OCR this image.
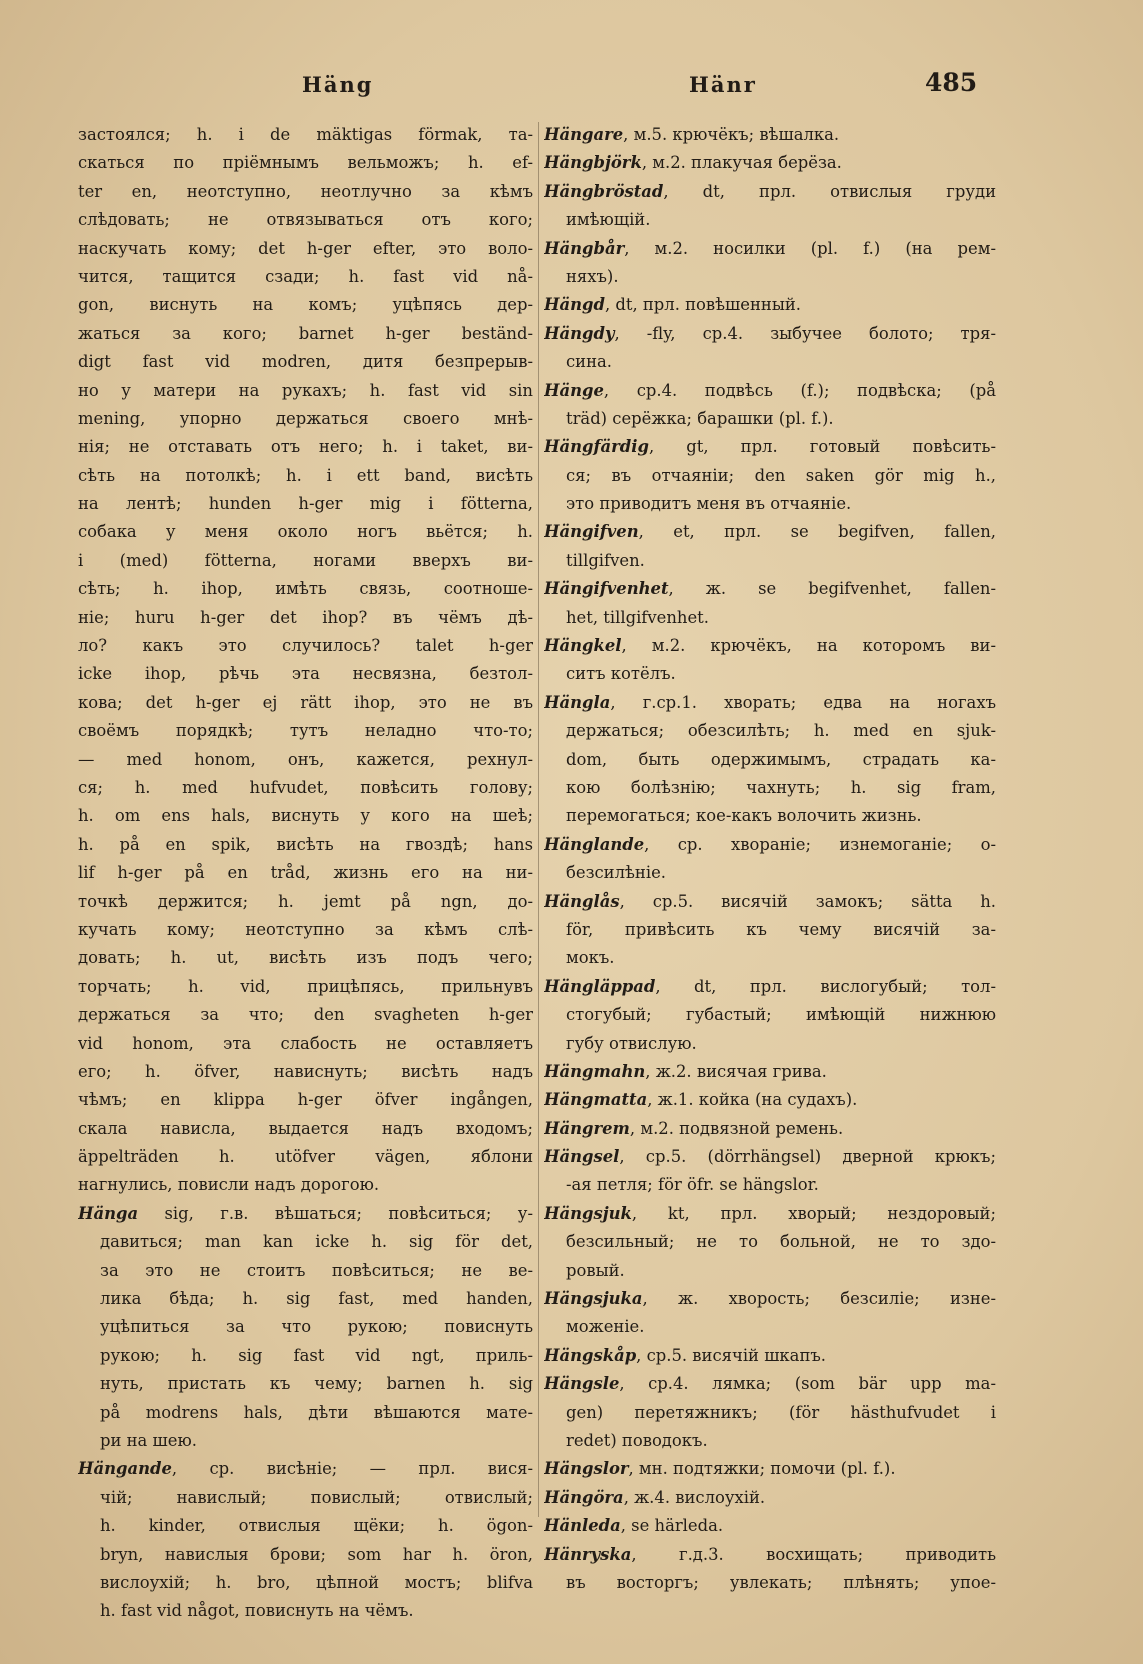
Häng	Hänr	485
застоялся; h. i de mäktigas förmak, та-
скаться по пріёмнымъ вельможъ; h. ef-
ter en, неотступно, неотлучно за кѣмъ
слѣдовать; не отвязываться отъ кого;
наскучать кому; det h-ger efter, это воло-
чится, тащится сзади; h. fast vid nå-
gon, виснуть на комъ; уцѣпясь дер-
жаться за кого; barnet h-ger beständ-
digt fast vid modren, дитя безпрерыв-
но у матери на рукахъ; h. fast vid sin
mening, упорно держаться своего мнѣ-
нія; не отставать отъ него; h. i taket, ви-
сѣть на потолкѣ; h. i ett band, висѣть
на лентѣ; hunden h-ger mig i fötterna,
собака у меня около ногъ вьётся; h.
i (med) fötterna, ногами вверхъ ви-
сѣть; h. ihop, имѣть связь, соотноше-
ніе; huru h-ger det ihop? въ чёмъ дѣ-
ло? какъ это случилось? talet h-ger
icke ihop, рѣчь эта несвязна, безтол-
кова; det h-ger ej rätt ihop, это не въ
своёмъ порядкѣ; тутъ неладно что-то;
— med honom, онъ, кажется, рехнул-
ся; h. med hufvudet, повѣсить голову;
h. om ens hals, виснуть у кого на шеѣ;
h. på en spik, висѣть на гвоздѣ; hans
lif h-ger på en tråd, жизнь его на ни-
точкѣ держится; h. jemt på ngn, до-
кучать кому; неотступно за кѣмъ слѣ-
довать; h. ut, висѣть изъ подъ чего;
торчать; h. vid, прицѣпясь, прильнувъ
держаться за что; den svagheten h-ger
vid honom, эта слабость не оставляетъ
его; h. öfver, нависнуть; висѣть надъ
чѣмъ; en klippa h-ger öfver ingången,
скала нависла, выдается надъ входомъ;
äppelträden h. utöfver vägen, яблони
нагнулись, повисли надъ дорогою.
Hänga sig, г.в. вѣшаться; повѣситься; у-
давиться; man kan icke h. sig för det,
за это не стоитъ повѣситься; не ве-
лика бѣда; h. sig fast, med handen,
уцѣпиться за что рукою; повиснуть
рукою; h. sig fast vid ngt, приль-
нуть, пристать къ чему; barnen h. sig
på modrens hals, дѣти вѣшаются мате-
ри на шею.
Hängande, ср. висѣніе; — прл. вися-
чій; навислый; повислый; отвислый;
h. kinder, отвислыя щёки; h. ögon-
bryn, навислыя брови; som har h. öron,
вислоухій; h. bro, цѣпной мостъ; blifva
h. fast vid något, повиснуть на чёмъ.
Hängare, м.5. крючёкъ; вѣшалка.
Hängbjörk, м.2. плакучая берёза.
Hängbröstad, dt, прл. отвислыя груди
имѣющій.
Hängbår, м.2. носилки (pl. f.) (на рем-
няхъ).
Hängd, dt, прл. повѣшенный.
Hängdy, -fly, ср.4. зыбучее болото; тря-
сина.
Hänge, ср.4. подвѣсь (f.); подвѣска; (på
träd) серёжка; барашки (pl. f.).
Hängfärdig, gt, прл. готовый повѣсить-
ся; въ отчаяніи; den saken gör mig h.,
это приводитъ меня въ отчаяніе.
Hängifven, et, прл. se begifven, fallen,
tillgifven.
Hängifvenhet, ж. se begifvenhet, fallen-
het, tillgifvenhet.
Hängkel, м.2. крючёкъ, на которомъ ви-
ситъ котёлъ.
Hängla, г.ср.1. хворать; едва на ногахъ
держаться; обезсилѣть; h. med en sjuk-
dom, быть одержимымъ, страдать ка-
кою болѣзнію; чахнуть; h. sig fram,
перемогаться; кое-какъ волочить жизнь.
Hänglande, ср. хвораніе; изнемоганіе; о-
безсилѣніе.
Hänglås, ср.5. висячій замокъ; sätta h.
för, привѣсить къ чему висячій за-
мокъ.
Hängläppad, dt, прл. вислогубый; тол-
стогубый; губастый; имѣющій нижнюю
губу отвислую.
Hängmahn, ж.2. висячая грива.
Hängmatta, ж.1. койка (на судахъ).
Hängrem, м.2. подвязной ремень.
Hängsel, ср.5. (dörrhängsel) дверной крюкъ;
-ая петля; för öfr. se hängslor.
Hängsjuk, kt, прл. хворый; нездоровый;
безсильный; не то больной, не то здо-
ровый.
Hängsjuka, ж. хворость; безсиліе; изне-
моженіе.
Hängskåp, ср.5. висячій шкапъ.
Hängsle, ср.4. лямка; (som bär upp ma-
gen) перетяжникъ; (för hästhufvudet i
redet) поводокъ.
Hängslor, мн. подтяжки; помочи (pl. f.).
Hängöra, ж.4. вислоухій.
Hänleda, se härleda.
Hänryska, г.д.3. восхищать; приводить
въ восторгъ; увлекать; плѣнять; упое-
